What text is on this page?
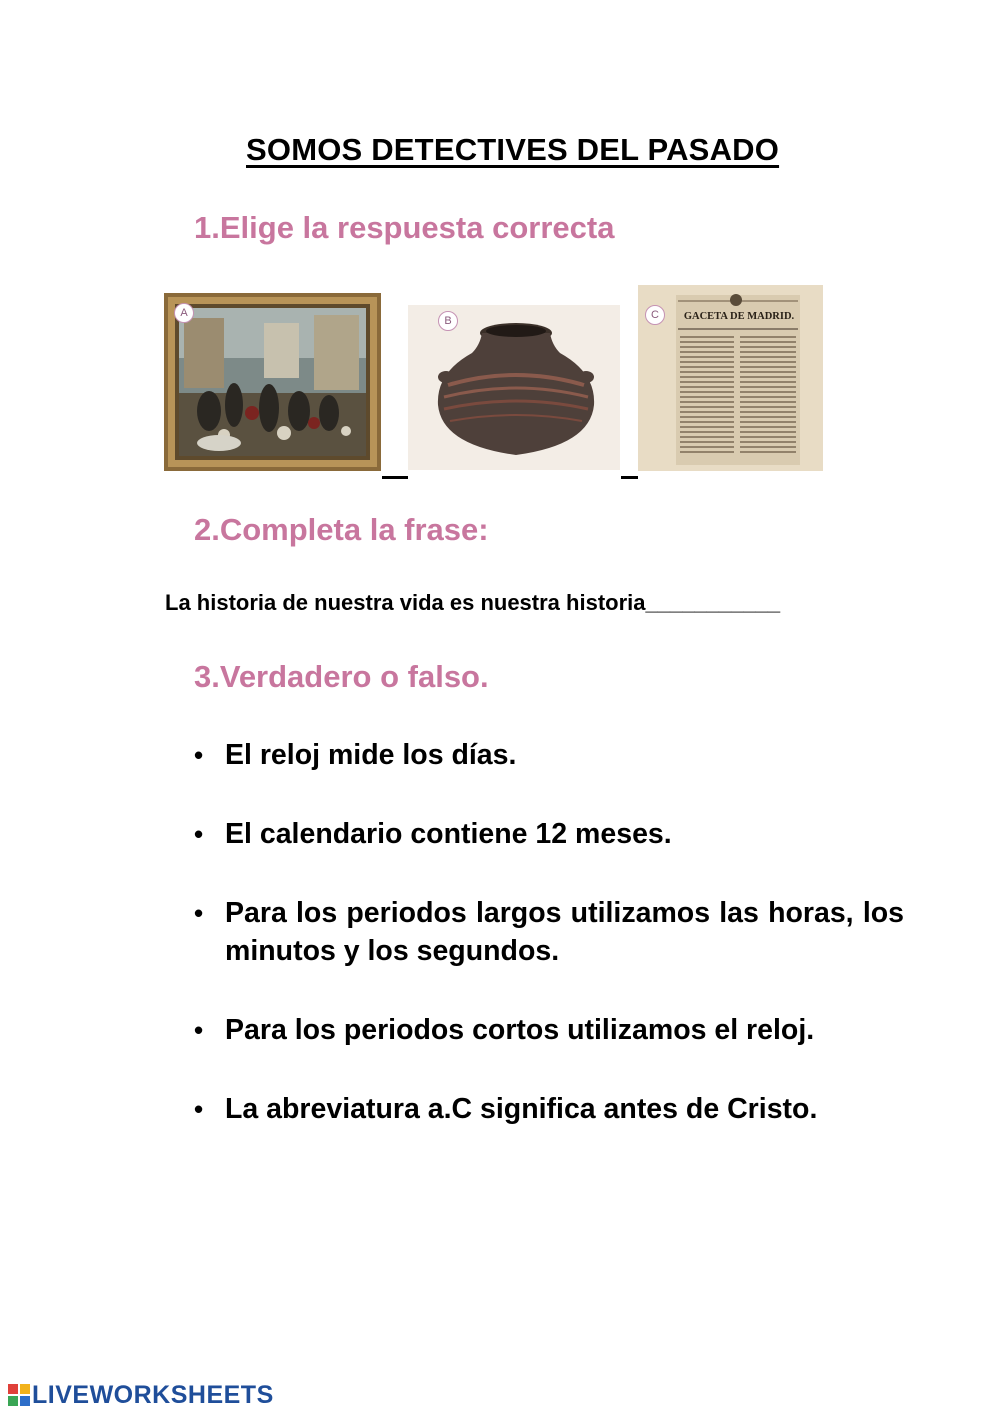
SOMOS DETECTIVES DEL PASADO
1.Elige la respuesta correcta
A
B	GACETA DE MADRID.
C
2.Completa la frase:
La historia de nuestra vida es nuestra historia___________
3.Verdadero o falso.
• El reloj mide los días.
• El calendario contiene 12 meses.
• Para los periodos largos utilizamos las horas, los minutos y los segundos.
• Para los periodos cortos utilizamos el reloj.
• La abreviatura a.C significa antes de Cristo.
LIVEWORKSHEETS
